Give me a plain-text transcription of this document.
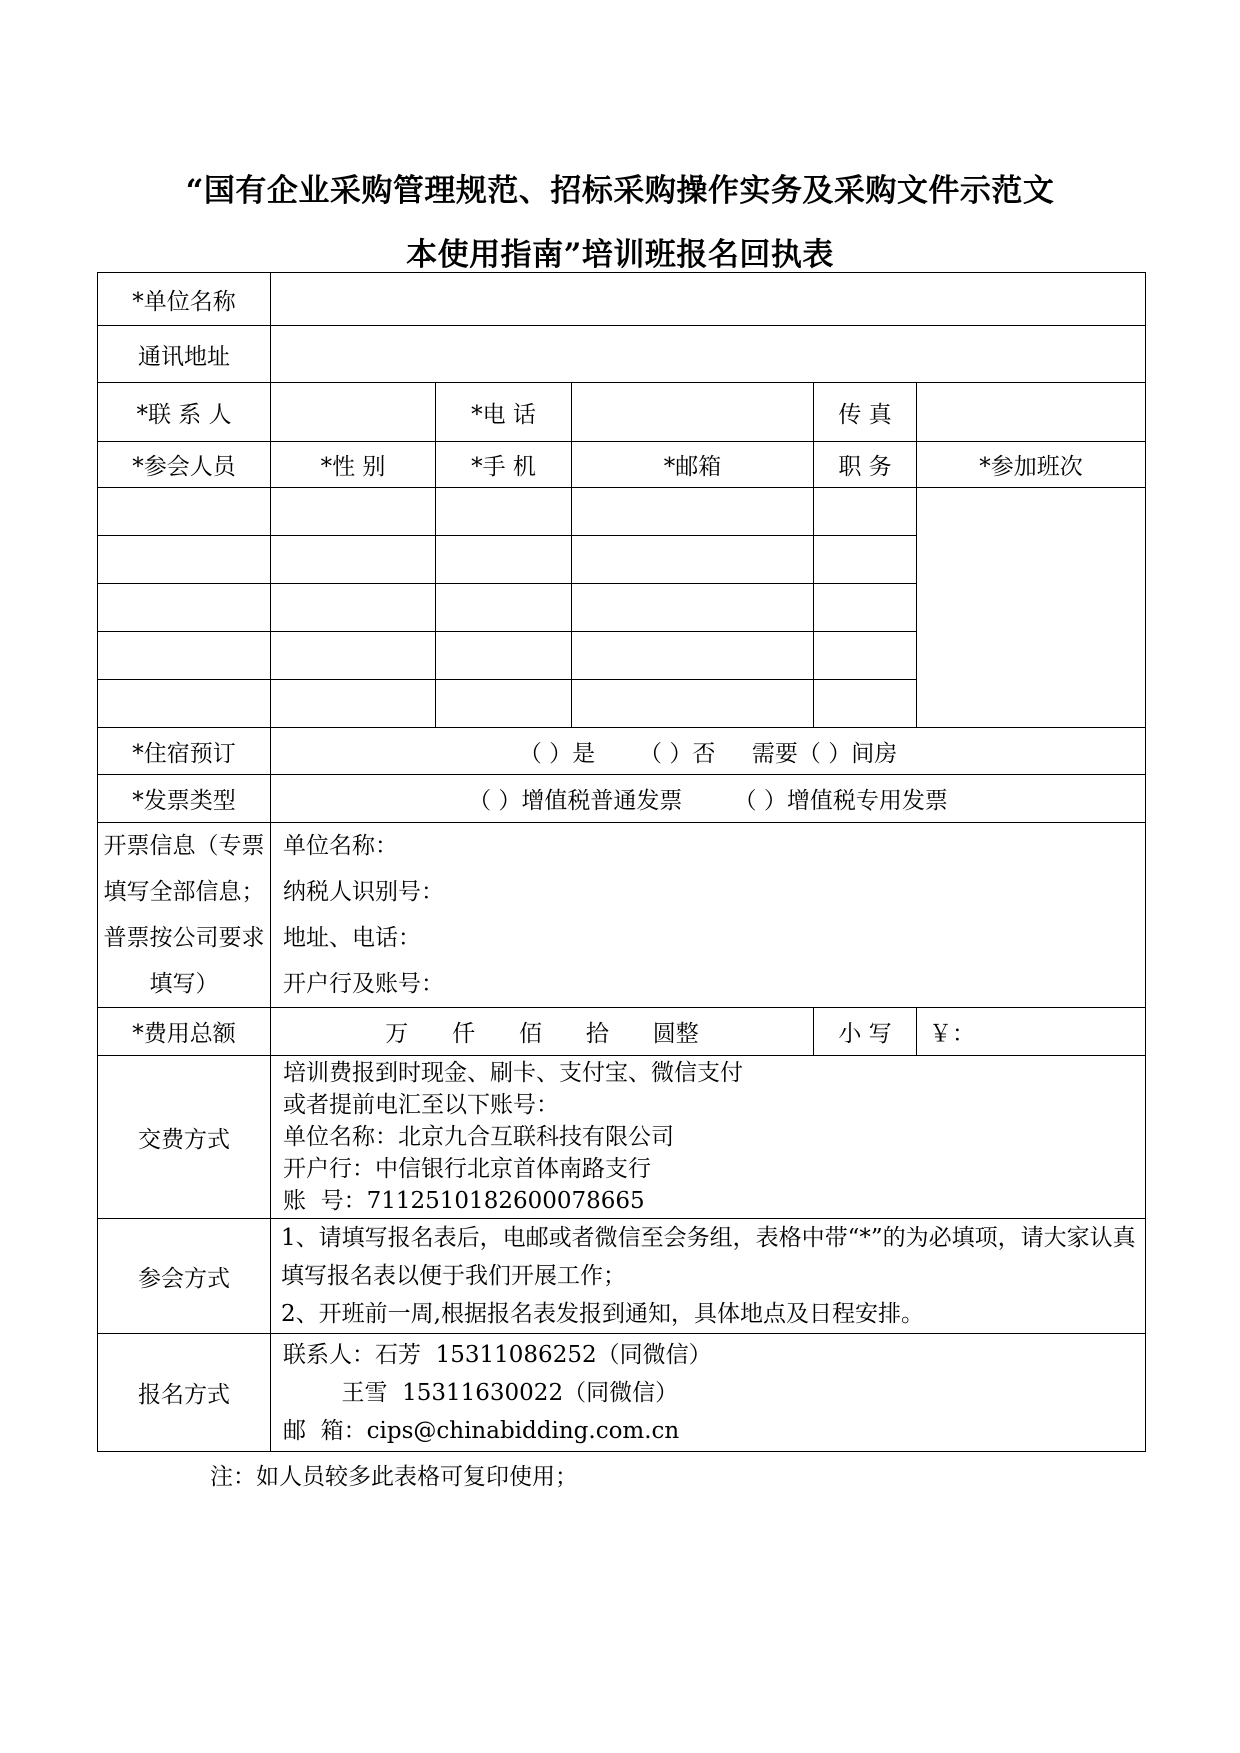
“国有企业采购管理规范、招标采购操作实务及采购文件示范文
本使用指南”培训班报名回执表
*单位名称					
通讯地址					
*联 系 人		*电 话		传 真	
*参会人员	*性 别	*手 机	*邮箱	职 务	*参加班次

*住宿预订	（ ）是      （ ）否     需要（ ）间房				
*发票类型	（ ）增值税普通发票       （ ）增值税专用发票				
开票信息（专票填写全部信息；普票按公司要求填写）	单位名称：
纳税人识别号：
地址、电话：
开户行及账号：				

*费用总额	万      仟      佰      拾      圆整			小 写	￥：
交费方式	培训费报到时现金、刷卡、支付宝、微信支付
或者提前电汇至以下账号：
单位名称：北京九合互联科技有限公司
开户行：中信银行北京首体南路支行
账  号：7112510182600078665				

参会方式	1、请填写报名表后，电邮或者微信至会务组，表格中带“*”的为必填项，请大家认真填写报名表以便于我们开展工作；
2、开班前一周,根据报名表发报到通知，具体地点及日程安排。				

报名方式	联系人：石芳  15311086252（同微信）
王雪  15311630022（同微信）
邮  箱：cips@chinabidding.com.cn				
注：如人员较多此表格可复印使用；
